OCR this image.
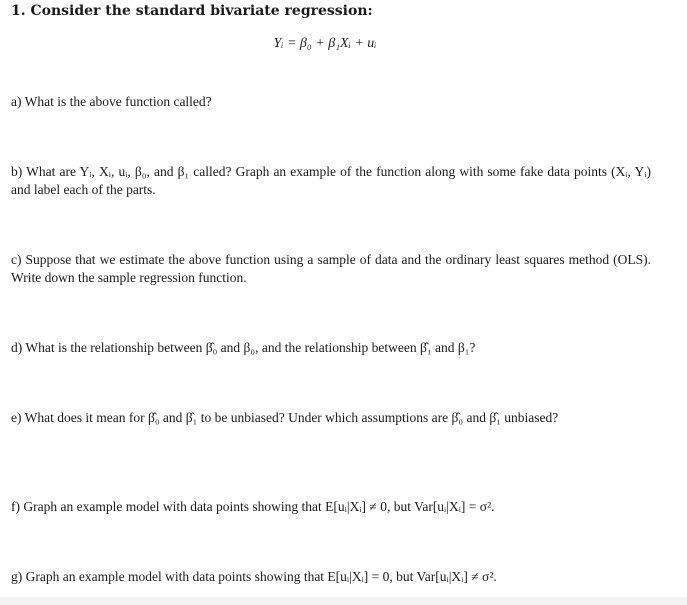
1. Consider the standard bivariate regression:
Yᵢ = β₀ + β₁Xᵢ + uᵢ
a) What is the above function called?
b) What are Yᵢ, Xᵢ, uᵢ, β₀, and β₁ called? Graph an example of the function along with some fake data points (Xᵢ, Yᵢ) and label each of the parts.
c) Suppose that we estimate the above function using a sample of data and the ordinary least squares method (OLS). Write down the sample regression function.
d) What is the relationship between β̂₀ and β₀, and the relationship between β̂₁ and β₁?
e) What does it mean for β̂₀ and β̂₁ to be unbiased? Under which assumptions are β̂₀ and β̂₁ unbiased?
f) Graph an example model with data points showing that E[uᵢ|Xᵢ] ≠ 0, but Var[uᵢ|Xᵢ] = σ².
g) Graph an example model with data points showing that E[uᵢ|Xᵢ] = 0, but Var[uᵢ|Xᵢ] ≠ σ².
